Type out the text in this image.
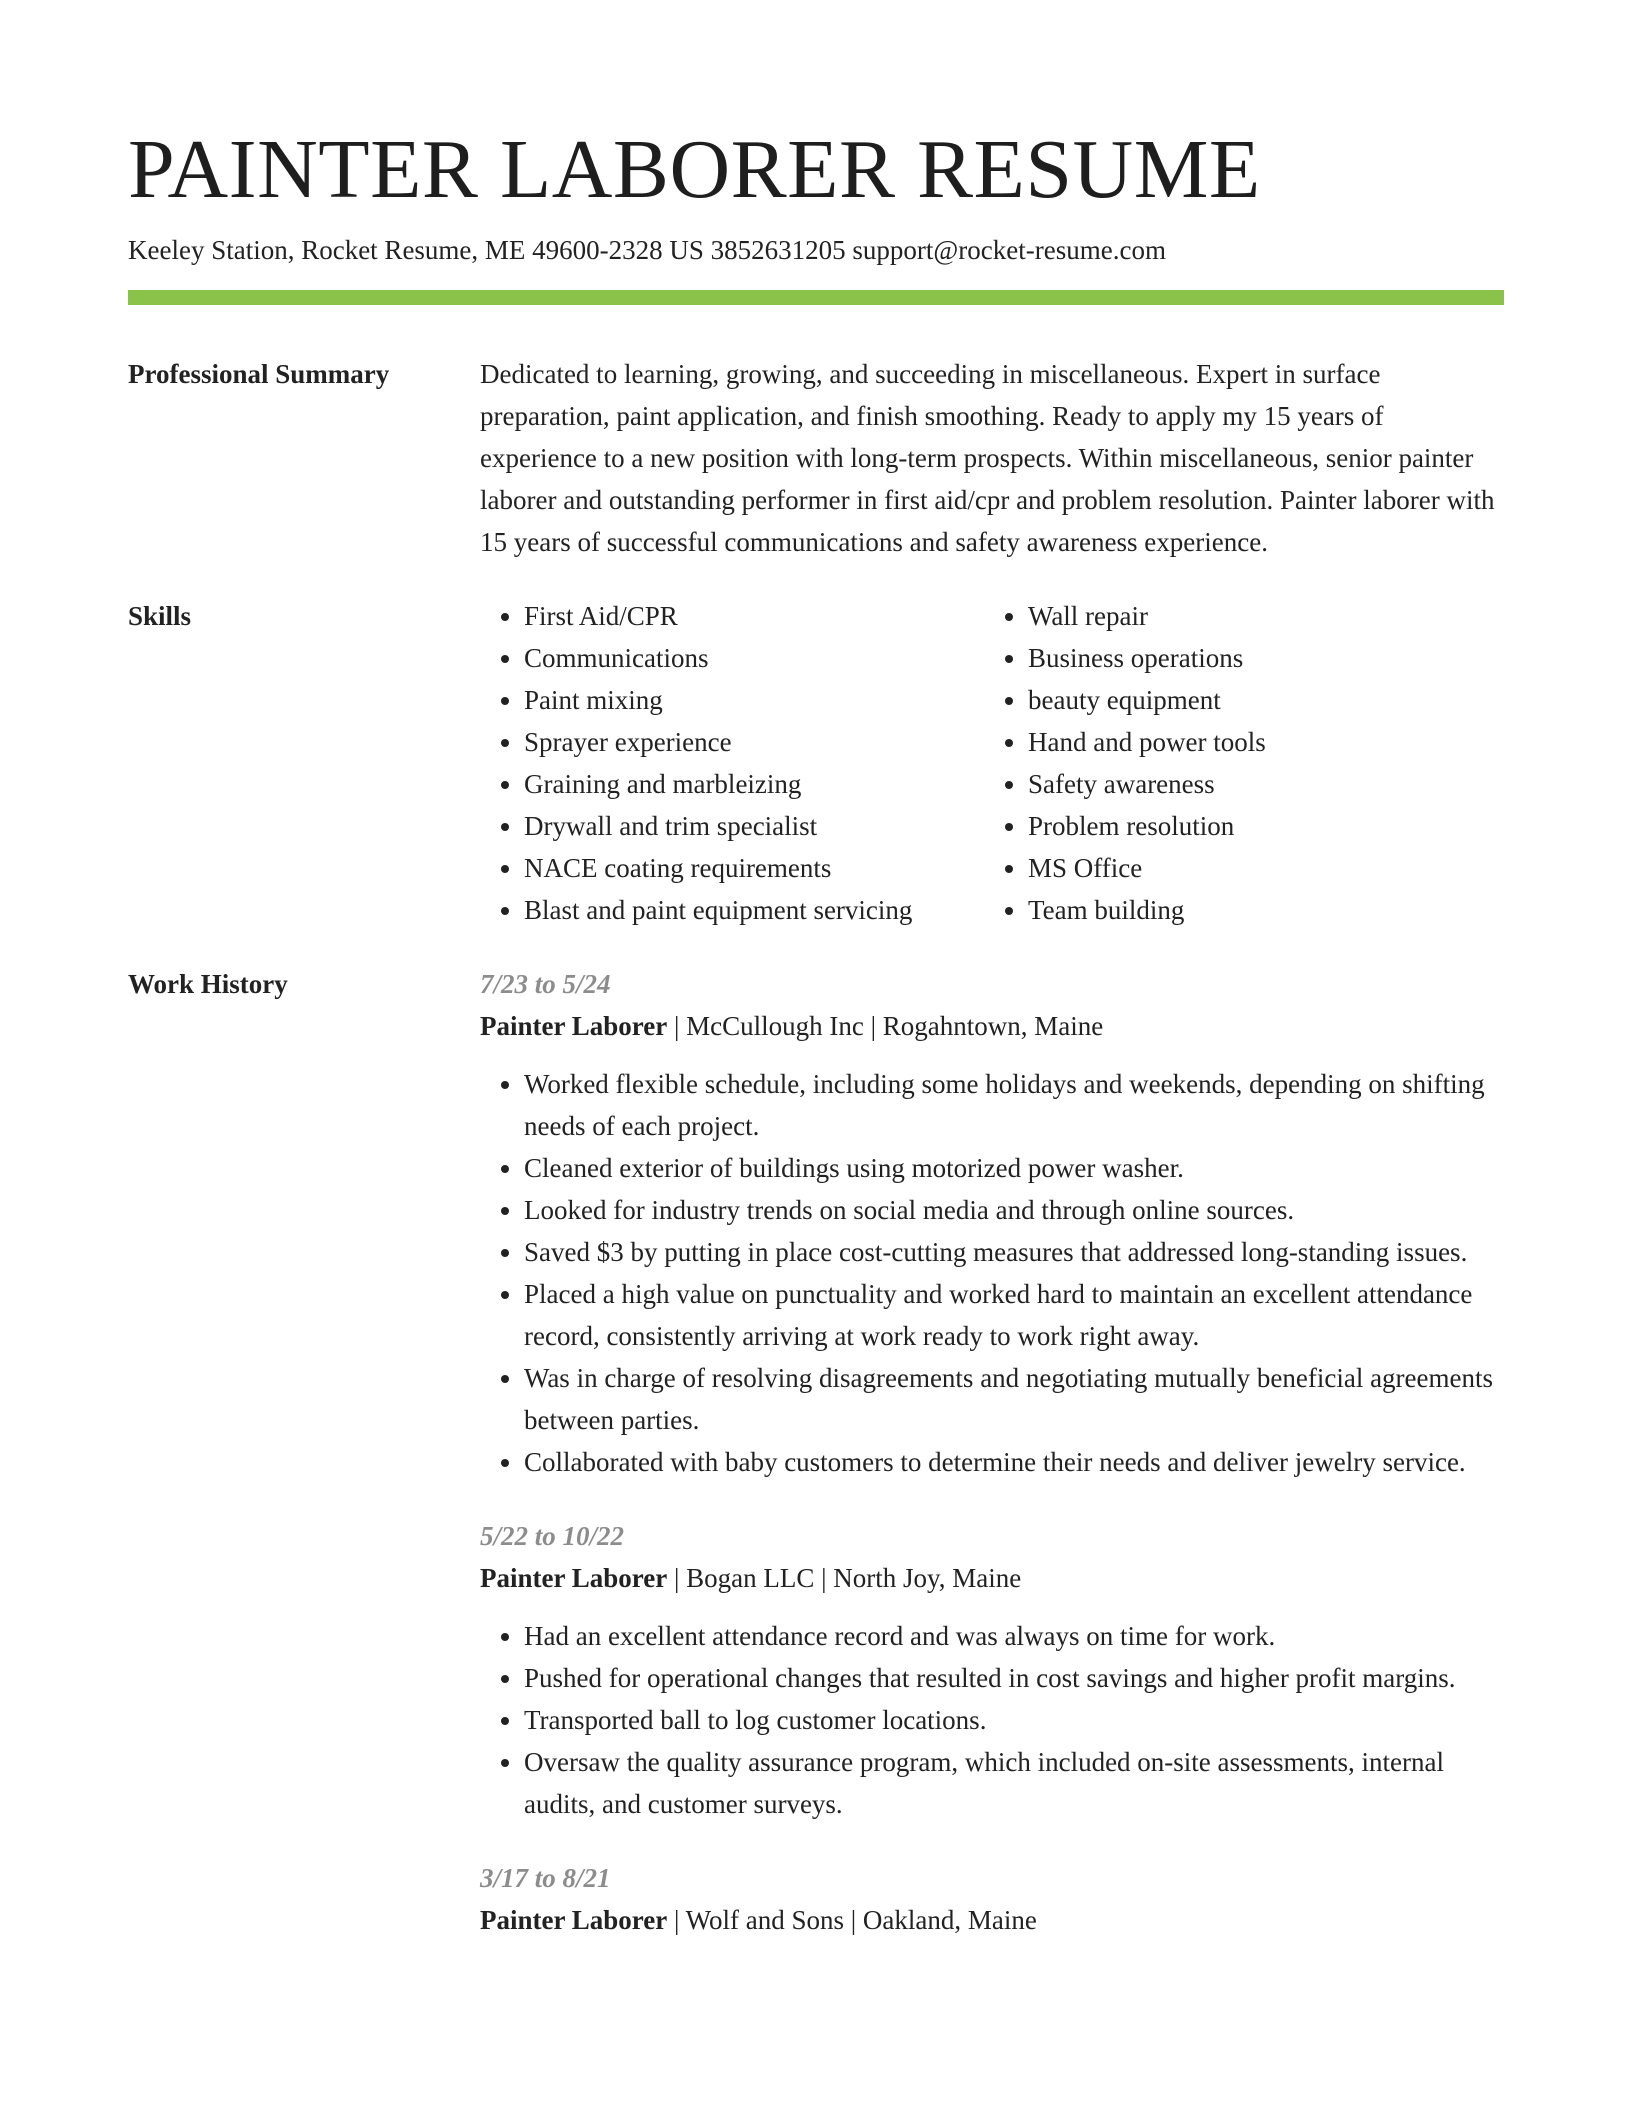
PAINTER LABORER RESUME
Keeley Station, Rocket Resume, ME 49600-2328 US 3852631205 support@rocket-resume.com
Professional Summary	Dedicated to learning, growing, and succeeding in miscellaneous. Expert in surface preparation, paint application, and finish smoothing. Ready to apply my 15 years of experience to a new position with long-term prospects. Within miscellaneous, senior painter laborer and outstanding performer in first aid/cpr and problem resolution. Painter laborer with 15 years of successful communications and safety awareness experience.
Skills
•	First Aid/CPR
• Communications
• Paint mixing
• Sprayer experience
• Graining and marbleizing
• Drywall and trim specialist
• NACE coating requirements
• Blast and paint equipment servicing
• Wall repair
• Business operations
• beauty equipment
• Hand and power tools
• Safety awareness
• Problem resolution
• MS Office
• Team building
Work History	7/23 to 5/24
Painter Laborer | McCullough Inc | Rogahntown, Maine
• Worked flexible schedule, including some holidays and weekends, depending on shifting needs of each project.
• Cleaned exterior of buildings using motorized power washer.
• Looked for industry trends on social media and through online sources.
• Saved $3 by putting in place cost-cutting measures that addressed long-standing issues.
• Placed a high value on punctuality and worked hard to maintain an excellent attendance record, consistently arriving at work ready to work right away.
• Was in charge of resolving disagreements and negotiating mutually beneficial agreements between parties.
• Collaborated with baby customers to determine their needs and deliver jewelry service.
5/22 to 10/22
Painter Laborer | Bogan LLC | North Joy, Maine
• Had an excellent attendance record and was always on time for work.
• Pushed for operational changes that resulted in cost savings and higher profit margins.
• Transported ball to log customer locations.
• Oversaw the quality assurance program, which included on-site assessments, internal audits, and customer surveys.
3/17 to 8/21
Painter Laborer | Wolf and Sons | Oakland, Maine
